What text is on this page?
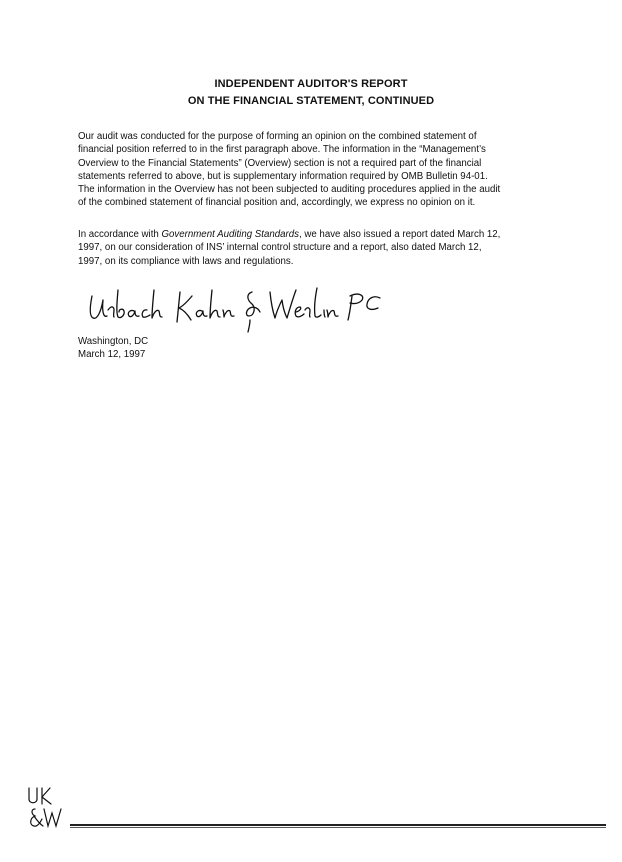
INDEPENDENT AUDITOR'S REPORT
ON THE FINANCIAL STATEMENT, CONTINUED
Our audit was conducted for the purpose of forming an opinion on the combined statement of
financial position referred to in the first paragraph above. The information in the “Management’s
Overview to the Financial Statements” (Overview) section is not a required part of the financial
statements referred to above, but is supplementary information required by OMB Bulletin 94-01.
The information in the Overview has not been subjected to auditing procedures applied in the audit
of the combined statement of financial position and, accordingly, we express no opinion on it.
In accordance with Government Auditing Standards, we have also issued a report dated March 12,
1997, on our consideration of INS’ internal control structure and a report, also dated March 12,
1997, on its compliance with laws and regulations.
Washington, DC
March 12, 1997
